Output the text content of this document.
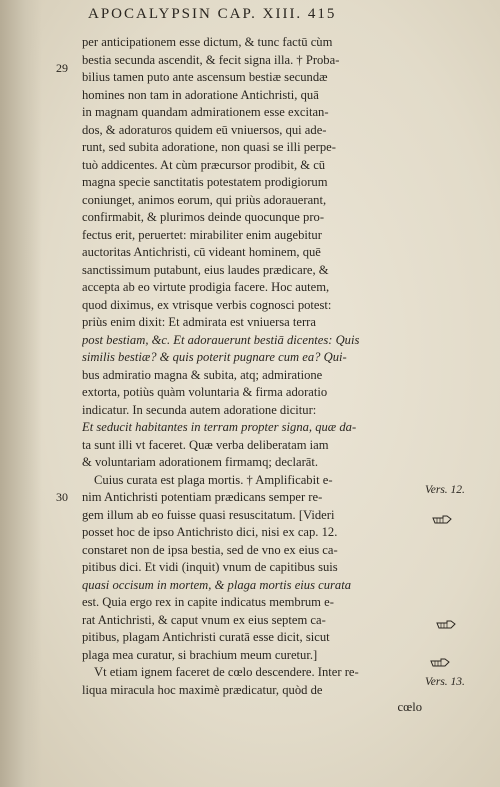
APOCALYPSIN CAP. XIII. 415
29
30
per anticipationem esse dictum, & tunc factū cùm
bestia secunda ascendit, & fecit signa illa. † Proba-
bilius tamen puto ante ascensum bestiæ secundæ
homines non tam in adoratione Antichristi, quā
in magnam quandam admirationem esse excitan-
dos, & adoraturos quidem eū vniuersos, qui ade-
runt, sed subita adoratione, non quasi se illi perpe-
tuò addicentes. At cùm præcursor prodibit, & cū
magna specie sanctitatis potestatem prodigiorum
coniunget, animos eorum, qui priùs adorauerant,
confirmabit, & plurimos deinde quocunque pro-
fectus erit, peruertet: mirabiliter enim augebitur
auctoritas Antichristi, cū videant hominem, quē
sanctissimum putabunt, eius laudes prædicare, &
accepta ab eo virtute prodigia facere. Hoc autem,
quod diximus, ex vtrisque verbis cognosci potest:
priùs enim dixit: Et admirata est vniuersa terra
post bestiam, &c. Et adorauerunt bestiā dicentes: Quis
similis bestiæ? & quis poterit pugnare cum ea? Qui-
bus admiratio magna & subita, atq; admiratione
extorta, potiùs quàm voluntaria & firma adoratio
indicatur. In secunda autem adoratione dicitur:
Et seducit habitantes in terram propter signa, quæ da-
ta sunt illi vt faceret. Quæ verba deliberatam iam
& voluntariam adorationem firmamq; declarāt.
Cuius curata est plaga mortis. † Amplificabit e-
nim Antichristi potentiam prædicans semper re-
gem illum ab eo fuisse quasi resuscitatum. [Videri
posset hoc de ipso Antichristo dici, nisi ex cap. 12.
constaret non de ipsa bestia, sed de vno ex eius ca-
pitibus dici. Et vidi (inquit) vnum de capitibus suis
quasi occisum in mortem, & plaga mortis eius curata
est. Quia ergo rex in capite indicatus membrum e-
rat Antichristi, & caput vnum ex eius septem ca-
pitibus, plagam Antichristi curatā esse dicit, sicut
plaga mea curatur, si brachium meum curetur.]
Vt etiam ignem faceret de cœlo descendere. Inter re-
liqua miracula hoc maximè prædicatur, quòd de
cœlo
Vers. 12.
Vers. 13.
